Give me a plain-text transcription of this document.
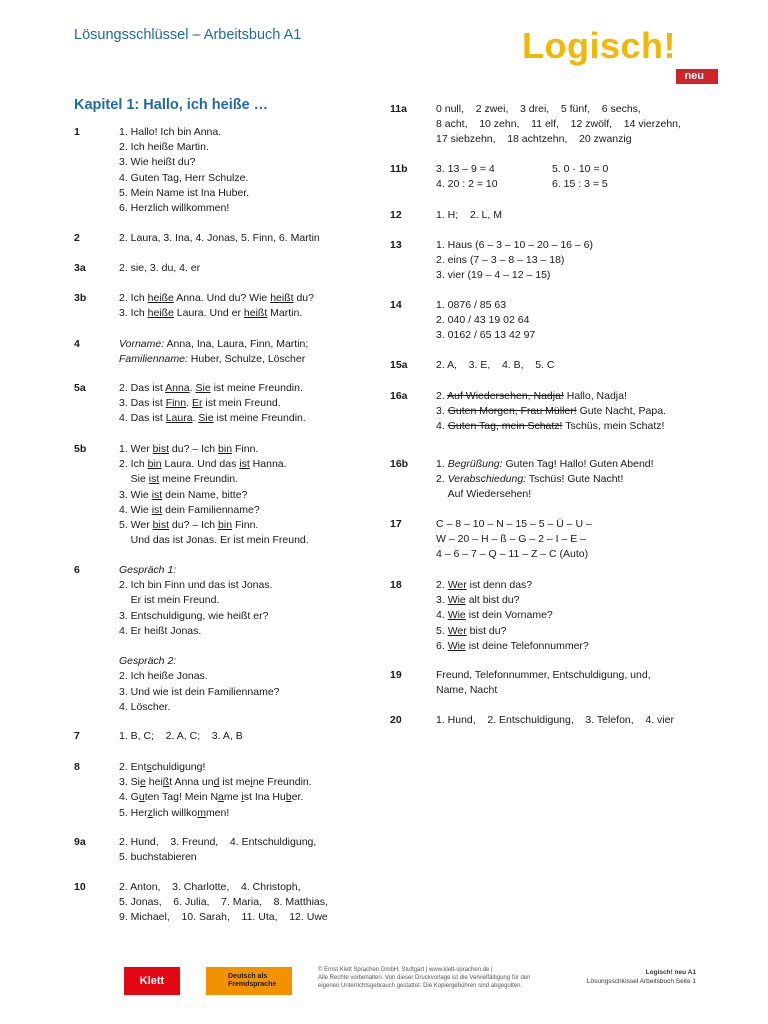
Lösungsschlüssel – Arbeitsbuch A1	Logisch!
neu
Kapitel 1: Hallo, ich heiße …
1	1. Hallo! Ich bin Anna.
2. Ich heiße Martin.
3. Wie heißt du?
4. Guten Tag, Herr Schulze.
5. Mein Name ist Ina Huber.
6. Herzlich willkommen!
2	2. Laura, 3. Ina, 4. Jonas, 5. Finn, 6. Martin
3a	2. sie, 3. du, 4. er
3b	2. Ich heiße Anna. Und du? Wie heißt du?
3. Ich heiße Laura. Und er heißt Martin.
4	Vorname: Anna, Ina, Laura, Finn, Martin;
Familienname: Huber, Schulze, Löscher
5a	2. Das ist Anna. Sie ist meine Freundin.
3. Das ist Finn. Er ist mein Freund.
4. Das ist Laura. Sie ist meine Freundin.
5b	1. Wer bist du? – Ich bin Finn.
2. Ich bin Laura. Und das ist Hanna.
Sie ist meine Freundin.
3. Wie ist dein Name, bitte?
4. Wie ist dein Familienname?
5. Wer bist du? – Ich bin Finn.
Und das ist Jonas. Er ist mein Freund.
6	Gespräch 1:
2. Ich bin Finn und das ist Jonas.
Er ist mein Freund.
3. Entschuldigung, wie heißt er?
4. Er heißt Jonas.
Gespräch 2:
2. Ich heiße Jonas.
3. Und wie ist dein Familienname?
4. Löscher.
7	1. B, C;    2. A, C;    3. A, B
8	2. Entschuldigung!
3. Sie heißt Anna und ist meine Freundin.
4. Guten Tag! Mein Name ist Ina Huber.
5. Herzlich willkommen!
9a	2. Hund,    3. Freund,    4. Entschuldigung,
5. buchstabieren
10	2. Anton,    3. Charlotte,    4. Christoph,
5. Jonas,    6. Julia,    7. Maria,    8. Matthias,
9. Michael,    10. Sarah,    11. Uta,    12. Uwe
11a	0 null,    2 zwei,    3 drei,    5 fünf,    6 sechs,
8 acht,    10 zehn,    11 elf,    12 zwölf,    14 vierzehn,
17 siebzehn,    18 achtzehn,    20 zwanzig
11b	3. 13 – 9 = 4	5. 0 · 10 = 0
4. 20 : 2 = 10	6. 15 : 3 = 5
12	1. H;    2. L, M
13	1. Haus (6 – 3 – 10 – 20 – 16 – 6)
2. eins (7 – 3 – 8 – 13 – 18)
3. vier (19 – 4 – 12 – 15)
14	1. 0876 / 85 63
2. 040 / 43 19 02 64
3. 0162 / 65 13 42 97
15a	2. A,    3. E,    4. B,    5. C
16a	2. Auf Wiedersehen, Nadja! Hallo, Nadja!
3. Guten Morgen, Frau Müller! Gute Nacht, Papa.
4. Guten Tag, mein Schatz! Tschüs, mein Schatz!
16b	1. Begrüßung: Guten Tag! Hallo! Guten Abend!
2. Verabschiedung: Tschüs! Gute Nacht!
Auf Wiedersehen!
17	C – 8 – 10 – N – 15 – 5 – Ü – U –
W – 20 – H – ß – G – 2 – I – E –
4 – 6 – 7 – Q – 11 – Z – C (Auto)
18	2. Wer ist denn das?
3. Wie alt bist du?
4. Wie ist dein Vorname?
5. Wer bist du?
6. Wie ist deine Telefonnummer?
19	Freund, Telefonnummer, Entschuldigung, und,
Name, Nacht
20	1. Hund,    2. Entschuldigung,    3. Telefon,    4. vier
Klett	Deutsch als Fremdsprache
© Ernst Klett Sprachen GmbH, Stuttgart | www.klett-sprachen.de |
Alle Rechte vorbehalten. Von dieser Druckvorlage ist die Vervielfältigung für den
eigenen Unterrichtsgebrauch gestattet. Die Kopiergebühren sind abgegolten.
Logisch! neu A1
Lösungsschlüssel Arbeitsbuch Seite 1
